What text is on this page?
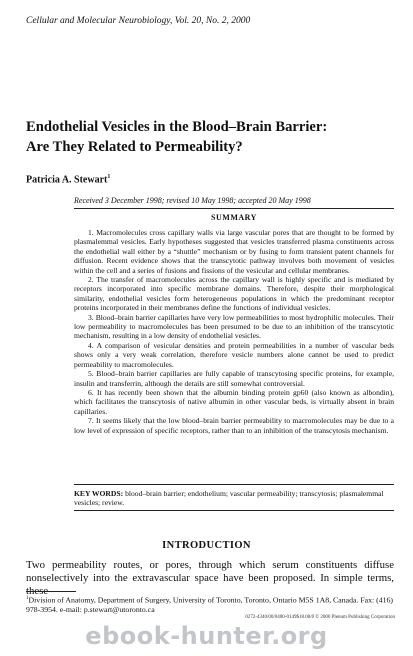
Cellular and Molecular Neurobiology, Vol. 20, No. 2, 2000
Endothelial Vesicles in the Blood–Brain Barrier:
Are They Related to Permeability?
Patricia A. Stewart$^1$
Received 3 December 1998; revised 10 May 1998; accepted 20 May 1998
SUMMARY

1. Macromolecules cross capillary walls via large vascular pores that are thought to be formed by plasmalemmal vesicles. Early hypotheses suggested that vesicles transferred plasma constituents across the endothelial wall either by a “shuttle” mechanism or by fusing to form transient patent channels for diffusion. Recent evidence shows that the transcytotic pathway involves both movement of vesicles within the cell and a series of fusions and fissions of the vesicular and cellular membranes.

2. The transfer of macromolecules across the capillary wall is highly specific and is mediated by receptors incorporated into specific membrane domains. Therefore, despite their morphological similarity, endothelial vesicles form heterogeneous populations in which the predominant receptor proteins incorporated in their membranes define the functions of individual vesicles.

3. Blood–brain barrier capillaries have very low permeabilities to most hydrophilic molecules. Their low permeability to macromolecules has been presumed to be due to an inhibition of the transcytotic mechanism, resulting in a low density of endothelial vesicles.

4. A comparison of vesicular densities and protein permeabilities in a number of vascular beds shows only a very weak correlation, therefore vesicle numbers alone cannot be used to predict permeability to macromolecules.

5. Blood–brain barrier capillaries are fully capable of transcytosing specific proteins, for example, insulin and transferrin, although the details are still somewhat controversial.

6. It has recently been shown that the albumin binding protein gp60 (also known as albondin), which facilitates the transcytosis of native albumin in other vascular beds, is virtually absent in brain capillaries.

7. It seems likely that the low blood–brain barrier permeability to macromolecules may be due to a low level of expression of specific receptors, rather than to an inhibition of the transcytosis mechanism.

KEY WORDS: blood–brain barrier; endothelium; vascular permeability; transcytosis; plasmalemmal vesicles; review.
INTRODUCTION
Two permeability routes, or pores, through which serum constituents diffuse nonselectively into the extravascular space have been proposed. In simple terms, these
$^1$Division of Anatomy, Department of Surgery, University of Toronto, Toronto, Ontario M5S 1A8, Canada. Fax: (416) 978-3954. e-mail: p.stewart@utoronto.ca
0272-4340/00/0400-0149$18.00/0 © 2000 Plenum Publishing Corporation
ebook-hunter.org
